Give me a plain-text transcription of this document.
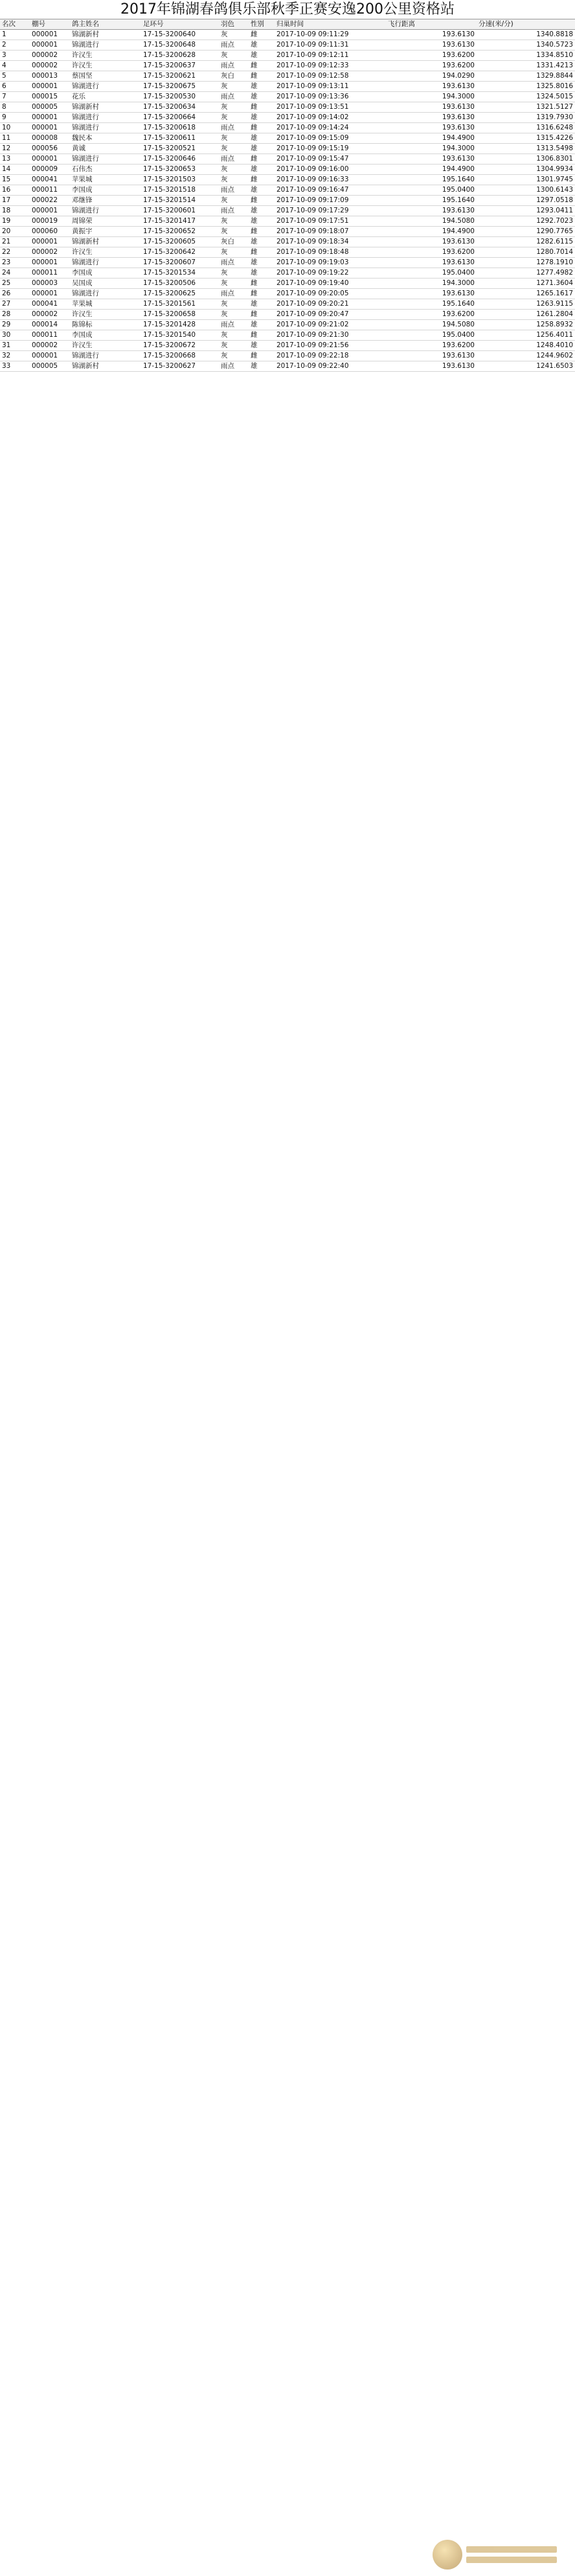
2017年锦湖春鸽俱乐部秋季正赛安逸200公里资格站
名次	棚号	鸽主姓名	足环号	羽色	性别	归巢时间	飞行距离	分速(米/分)
1	000001	锦湖新村	17-15-3200640	灰	雌	2017-10-09 09:11:29	193.6130	1340.8818
2	000001	锦湖进行	17-15-3200648	雨点	雄	2017-10-09 09:11:31	193.6130	1340.5723
3	000002	许汉生	17-15-3200628	灰	雄	2017-10-09 09:12:11	193.6200	1334.8510
4	000002	许汉生	17-15-3200637	雨点	雌	2017-10-09 09:12:33	193.6200	1331.4213
5	000013	蔡国坚	17-15-3200621	灰白	雌	2017-10-09 09:12:58	194.0290	1329.8844
6	000001	锦湖进行	17-15-3200675	灰	雄	2017-10-09 09:13:11	193.6130	1325.8016
7	000015	花乐	17-15-3200530	雨点	雄	2017-10-09 09:13:36	194.3000	1324.5015
8	000005	锦湖新村	17-15-3200634	灰	雌	2017-10-09 09:13:51	193.6130	1321.5127
9	000001	锦湖进行	17-15-3200664	灰	雄	2017-10-09 09:14:02	193.6130	1319.7930
10	000001	锦湖进行	17-15-3200618	雨点	雌	2017-10-09 09:14:24	193.6130	1316.6248
11	000008	魏民本	17-15-3200611	灰	雄	2017-10-09 09:15:09	194.4900	1315.4226
12	000056	黄诚	17-15-3200521	灰	雄	2017-10-09 09:15:19	194.3000	1313.5498
13	000001	锦湖进行	17-15-3200646	雨点	雌	2017-10-09 09:15:47	193.6130	1306.8301
14	000009	石伟杰	17-15-3200653	灰	雄	2017-10-09 09:16:00	194.4900	1304.9934
15	000041	苹果城	17-15-3201503	灰	雌	2017-10-09 09:16:33	195.1640	1301.9745
16	000011	李国成	17-15-3201518	雨点	雄	2017-10-09 09:16:47	195.0400	1300.6143
17	000022	邓继锋	17-15-3201514	灰	雌	2017-10-09 09:17:09	195.1640	1297.0518
18	000001	锦湖进行	17-15-3200601	雨点	雄	2017-10-09 09:17:29	193.6130	1293.0411
19	000019	周锦荣	17-15-3201417	灰	雄	2017-10-09 09:17:51	194.5080	1292.7023
20	000060	黄振宇	17-15-3200652	灰	雌	2017-10-09 09:18:07	194.4900	1290.7765
21	000001	锦湖新村	17-15-3200605	灰白	雄	2017-10-09 09:18:34	193.6130	1282.6115
22	000002	许汉生	17-15-3200642	灰	雌	2017-10-09 09:18:48	193.6200	1280.7014
23	000001	锦湖进行	17-15-3200607	雨点	雄	2017-10-09 09:19:03	193.6130	1278.1910
24	000011	李国成	17-15-3201534	灰	雄	2017-10-09 09:19:22	195.0400	1277.4982
25	000003	吴国成	17-15-3200506	灰	雌	2017-10-09 09:19:40	194.3000	1271.3604
26	000001	锦湖进行	17-15-3200625	雨点	雌	2017-10-09 09:20:05	193.6130	1265.1617
27	000041	苹果城	17-15-3201561	灰	雄	2017-10-09 09:20:21	195.1640	1263.9115
28	000002	许汉生	17-15-3200658	灰	雌	2017-10-09 09:20:47	193.6200	1261.2804
29	000014	陈锦标	17-15-3201428	雨点	雄	2017-10-09 09:21:02	194.5080	1258.8932
30	000011	李国成	17-15-3201540	灰	雌	2017-10-09 09:21:30	195.0400	1256.4011
31	000002	许汉生	17-15-3200672	灰	雄	2017-10-09 09:21:56	193.6200	1248.4010
32	000001	锦湖进行	17-15-3200668	灰	雌	2017-10-09 09:22:18	193.6130	1244.9602
33	000005	锦湖新村	17-15-3200627	雨点	雄	2017-10-09 09:22:40	193.6130	1241.6503
